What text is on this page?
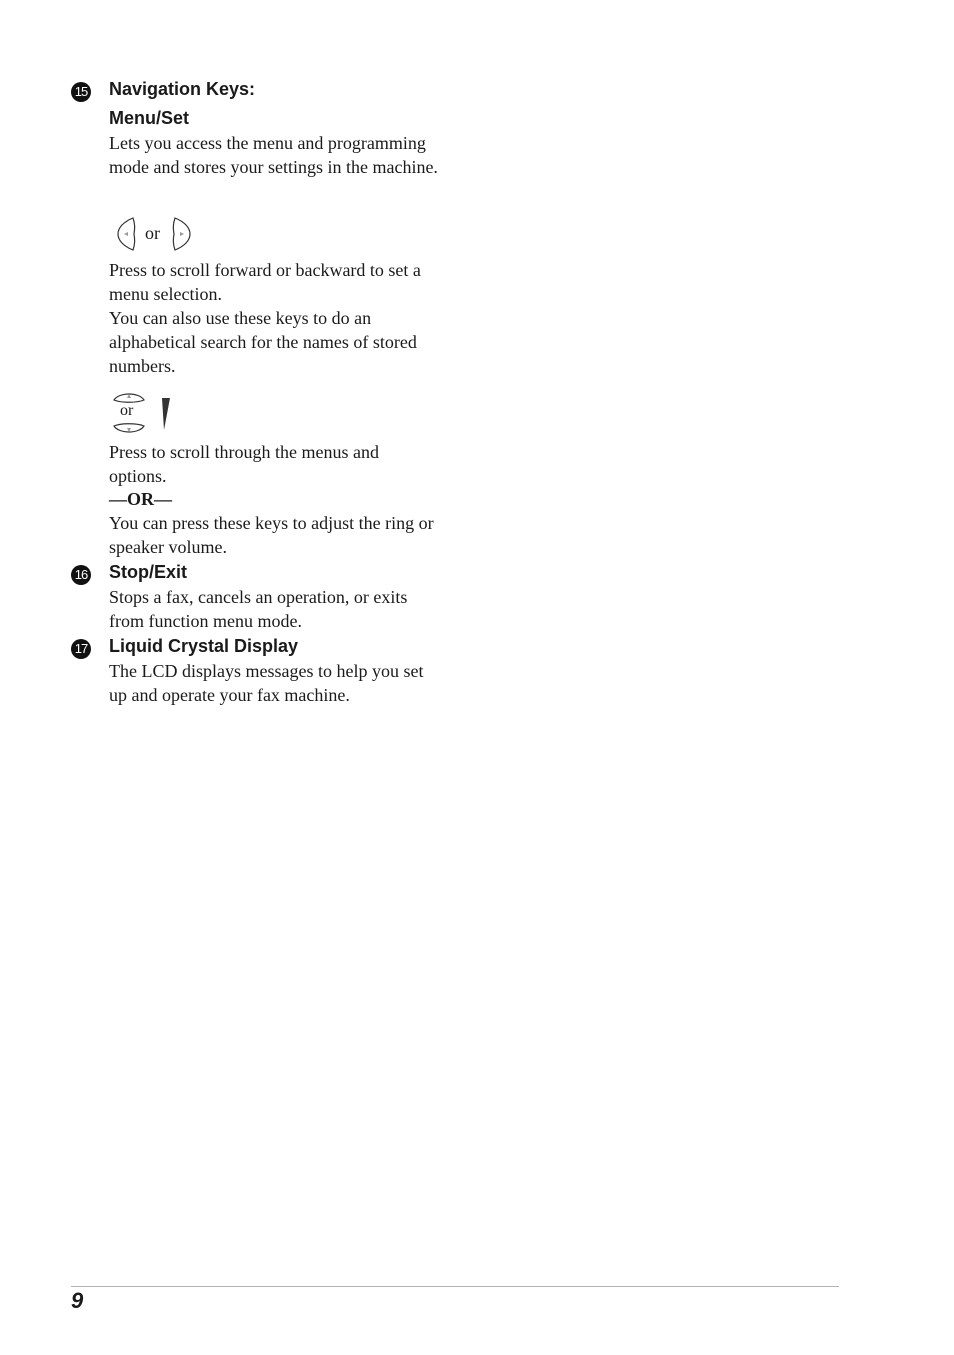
15 Navigation Keys:
Menu/Set
Lets you access the menu and programming mode and stores your settings in the machine.
or
Press to scroll forward or backward to set a menu selection.
You can also use these keys to do an alphabetical search for the names of stored numbers.
or
Press to scroll through the menus and options.
—OR—
You can press these keys to adjust the ring or speaker volume.
16 Stop/Exit
Stops a fax, cancels an operation, or exits from function menu mode.
17 Liquid Crystal Display
The LCD displays messages to help you set up and operate your fax machine.
9
